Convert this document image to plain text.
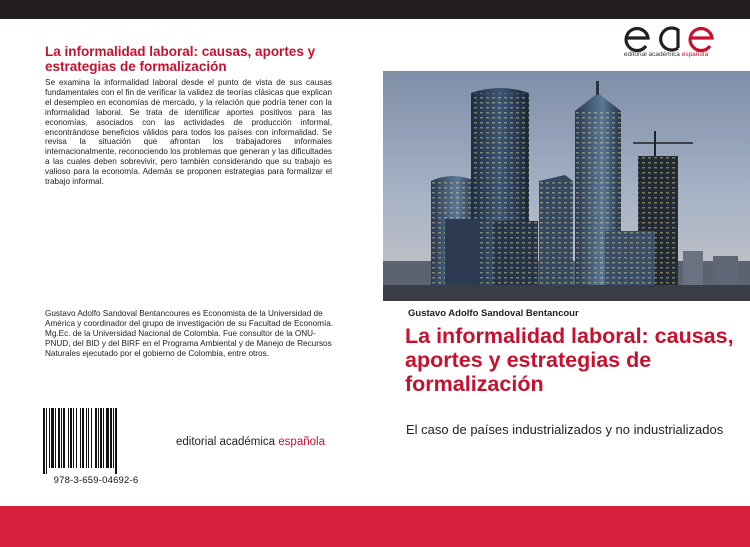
La informalidad laboral: causas, aportes y estrategias de formalización
Se examina la informalidad laboral desde el punto de vista de sus causas fundamentales con el fin de verificar la validez de teorías clásicas que explican el desempleo en economías de mercado, y la relación que podría tener con la informalidad laboral. Se trata de identificar aportes positivos para las economías, asociados con las actividades de producción informal, encontrándose beneficios válidos para todos los países con informalidad. Se revisa la situación que afrontan los trabajadores informales internacionalmente, reconociendo los problemas que generan y las dificultades a las cuales deben sobrevivir, pero también considerando que su trabajo es valioso para la economía. Además se proponen estrategias para formalizar el trabajo informal.
Gustavo Adolfo Sandoval Bentancoures es Economista de la Universidad de América y coordinador del grupo de investigación de su Facultad de Economía. Mg.Ec. de la Universidad Nacional de Colombia. Fue consultor de la ONU-PNUD, del BID y del BIRF en el Programa Ambiental y de Manejo de Recursos Naturales ejecutado por el gobierno de Colombia, entre otros.
978-3-659-04692-6
editorial académica española
editorial académica española
Gustavo Adolfo Sandoval Bentancour
La informalidad laboral: causas, aportes y estrategias de formalización
El caso de países industrializados y no industrializados
